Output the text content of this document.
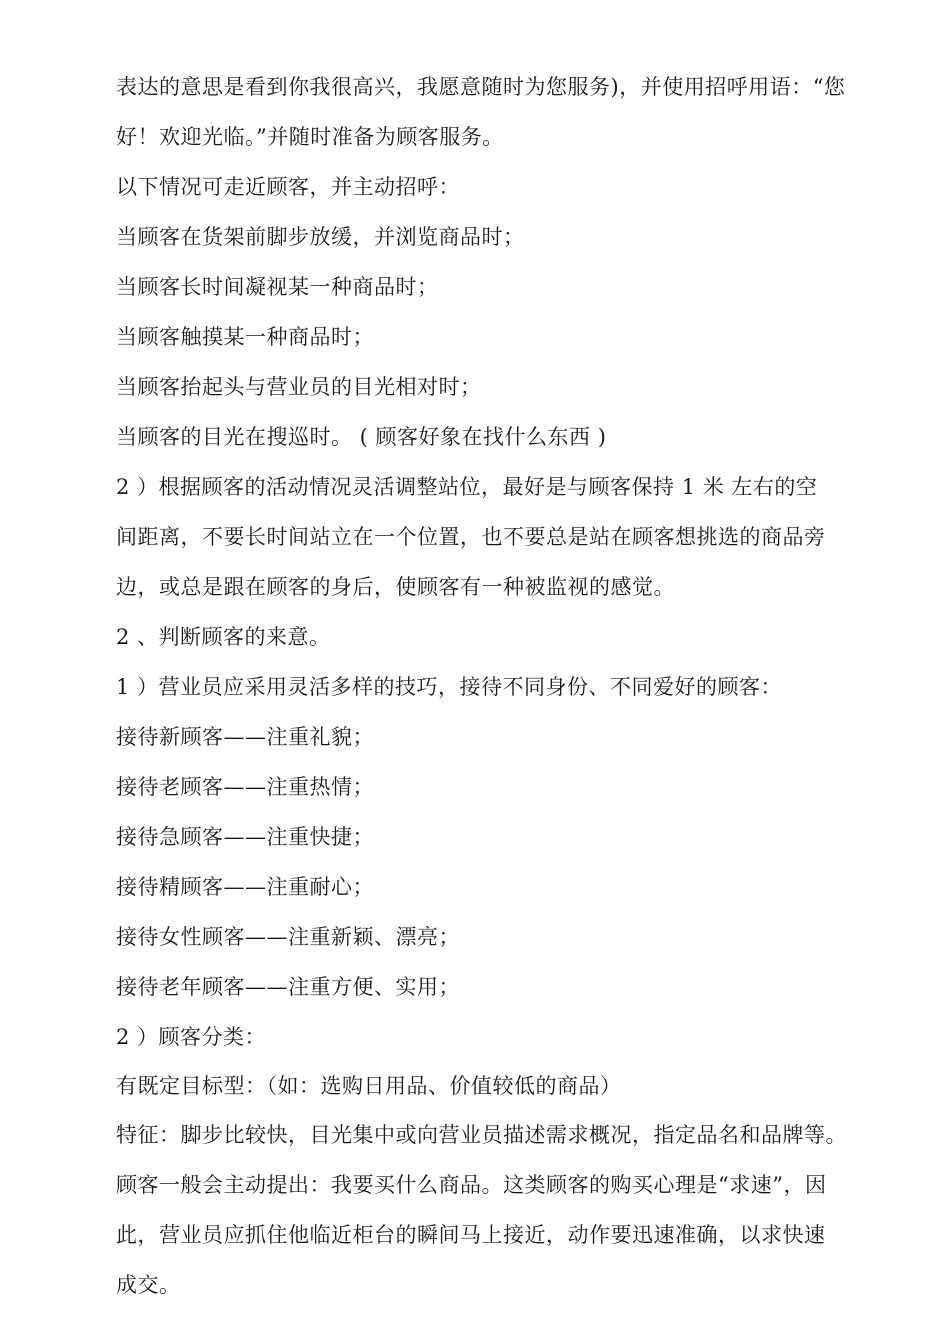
表达的意思是看到你我很高兴，我愿意随时为您服务)，并使用招呼用语：“您
好！欢迎光临。”并随时准备为顾客服务。
以下情况可走近顾客，并主动招呼：
当顾客在货架前脚步放缓，并浏览商品时；
当顾客长时间凝视某一种商品时；
当顾客触摸某一种商品时；
当顾客抬起头与营业员的目光相对时；
当顾客的目光在搜巡时。 ( 顾客好象在找什么东西 )
2 ）根据顾客的活动情况灵活调整站位，最好是与顾客保持 1 米 左右的空
间距离，不要长时间站立在一个位置，也不要总是站在顾客想挑选的商品旁
边，或总是跟在顾客的身后，使顾客有一种被监视的感觉。
2 、判断顾客的来意。
1 ）营业员应采用灵活多样的技巧，接待不同身份、不同爱好的顾客：
接待新顾客——注重礼貌；
接待老顾客——注重热情；
接待急顾客——注重快捷；
接待精顾客——注重耐心；
接待女性顾客——注重新颖、漂亮；
接待老年顾客——注重方便、实用；
2 ）顾客分类：
有既定目标型：（如：选购日用品、价值较低的商品）
特征：脚步比较快，目光集中或向营业员描述需求概况，指定品名和品牌等。
顾客一般会主动提出：我要买什么商品。这类顾客的购买心理是“求速”，因
此，营业员应抓住他临近柜台的瞬间马上接近，动作要迅速准确，以求快速
成交。
